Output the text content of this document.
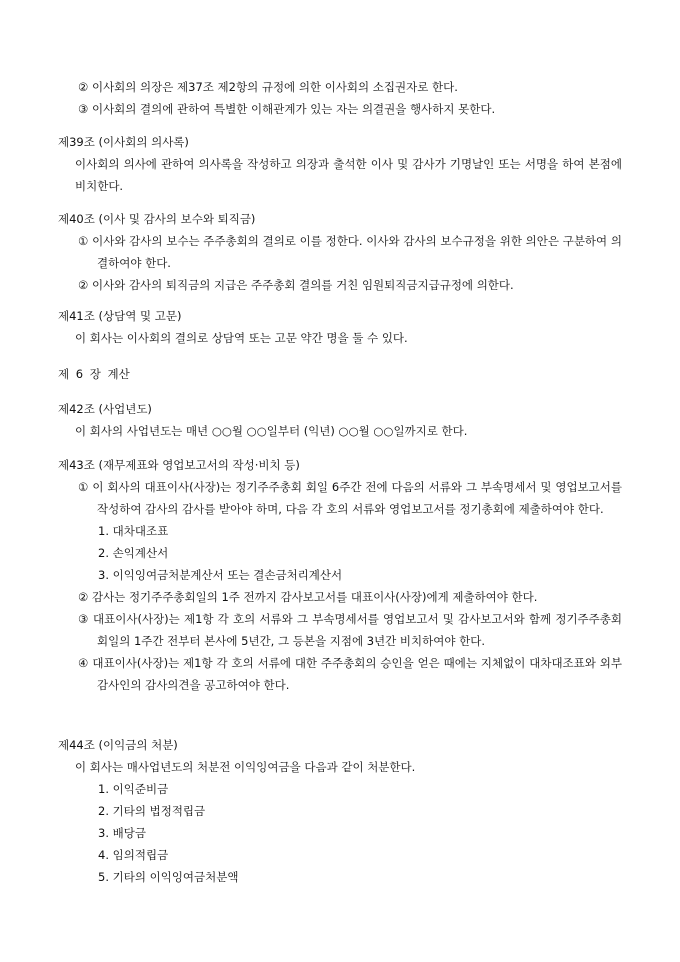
② 이사회의 의장은 제37조 제2항의 규정에 의한 이사회의 소집권자로 한다.

③ 이사회의 결의에 관하여 특별한 이해관계가 있는 자는 의결권을 행사하지 못한다.

제39조 (이사회의 의사록)

이사회의 의사에 관하여 의사록을 작성하고 의장과 출석한 이사 및 감사가 기명날인 또는 서명을 하여 본점에 비치한다.

제40조 (이사 및 감사의 보수와 퇴직금)

① 이사와 감사의 보수는 주주총회의 결의로 이를 정한다. 이사와 감사의 보수규정을 위한 의안은 구분하여 의결하여야 한다.

② 이사와 감사의 퇴직금의 지급은 주주총회 결의를 거친 임원퇴직금지급규정에 의한다.

제41조 (상담역 및 고문)

이 회사는 이사회의 결의로 상담역 또는 고문 약간 명을 둘 수 있다.

제 6 장 계산

제42조 (사업년도)

이 회사의 사업년도는 매년 ○○월 ○○일부터 (익년) ○○월 ○○일까지로 한다.

제43조 (재무제표와 영업보고서의 작성·비치 등)

① 이 회사의 대표이사(사장)는 정기주주총회 회일 6주간 전에 다음의 서류와 그 부속명세서 및 영업보고서를 작성하여 감사의 감사를 받아야 하며, 다음 각 호의 서류와 영업보고서를 정기총회에 제출하여야 한다.

1. 대차대조표

2. 손익계산서

3. 이익잉여금처분계산서 또는 결손금처리계산서

② 감사는 정기주주총회일의 1주 전까지 감사보고서를 대표이사(사장)에게 제출하여야 한다.

③ 대표이사(사장)는 제1항 각 호의 서류와 그 부속명세서를 영업보고서 및 감사보고서와 함께 정기주주총회 회일의 1주간 전부터 본사에 5년간, 그 등본을 지점에 3년간 비치하여야 한다.

④ 대표이사(사장)는 제1항 각 호의 서류에 대한 주주총회의 승인을 얻은 때에는 지체없이 대차대조표와 외부감사인의 감사의견을 공고하여야 한다.

제44조 (이익금의 처분)

이 회사는 매사업년도의 처분전 이익잉여금을 다음과 같이 처분한다.

1. 이익준비금

2. 기타의 법정적립금

3. 배당금

4. 임의적립금

5. 기타의 이익잉여금처분액
